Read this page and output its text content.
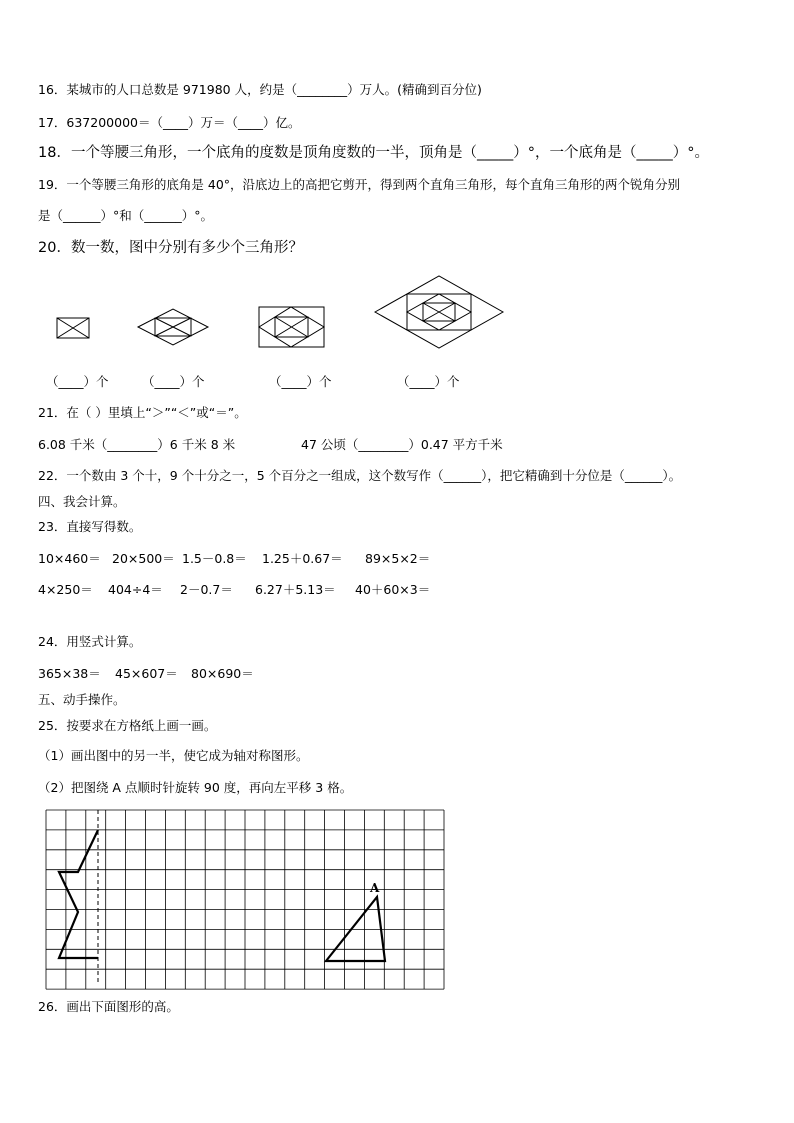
16．某城市的人口总数是 971980 人，约是（________）万人。(精确到百分位)
17．637200000＝（____）万＝（____）亿。
18．一个等腰三角形，一个底角的度数是顶角度数的一半，顶角是（_____）°，一个底角是（_____）°。
19．一个等腰三角形的底角是 40°，沿底边上的高把它剪开，得到两个直角三角形，每个直角三角形的两个锐角分别
是（______）°和（______）°。
20．数一数，图中分别有多少个三角形？
（____）个	（____）个	（____）个	（____）个
21．在（ ）里填上“＞”“＜”或“＝”。
6.08 千米（________）6 千米 8 米	47 公顷（________）0.47 平方千米
22．一个数由 3 个十，9 个十分之一，5 个百分之一组成，这个数写作（______），把它精确到十分位是（______）。
四、我会计算。
23．直接写得数。
10×460＝ 20×500＝ 1.5－0.8＝ 1.25＋0.67＝ 89×5×2＝
4×250＝ 404÷4＝ 2－0.7＝ 6.27＋5.13＝ 40＋60×3＝
24．用竖式计算。
365×38＝ 45×607＝ 80×690＝
五、动手操作。
25．按要求在方格纸上画一画。
（1）画出图中的另一半，使它成为轴对称图形。
（2）把图绕 A 点顺时针旋转 90 度，再向左平移 3 格。
A
26．画出下面图形的高。
